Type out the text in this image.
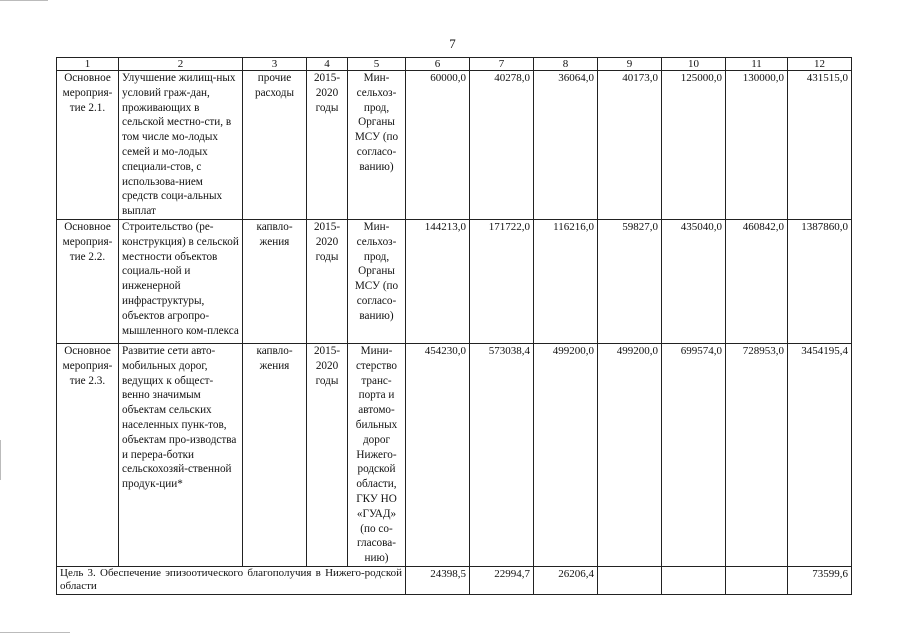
7
1	2	3	4	5	6	7	8	9	10	11	12
Основное мероприя-тие 2.1.	Улучшение жилищ-ных условий граж-дан, проживающих в сельской местно-сти, в том числе мо-лодых семей и мо-лодых специали-стов, с использова-нием средств соци-альных выплат	прочие расходы	2015-2020 годы	Мин-сельхоз-прод, Органы МСУ (по согласо-ванию)	60000,0	40278,0	36064,0	40173,0	125000,0	130000,0	431515,0
Основное мероприя-тие 2.2.	Строительство (ре-конструкция) в сельской местности объектов социаль-ной и инженерной инфраструктуры, объектов агропро-мышленного ком-плекса	капвло-жения	2015-2020 годы	Мин-сельхоз-прод, Органы МСУ (по согласо-ванию)	144213,0	171722,0	116216,0	59827,0	435040,0	460842,0	1387860,0
Основное мероприя-тие 2.3.	Развитие сети авто-мобильных дорог, ведущих к общест-венно значимым объектам сельских населенных пунк-тов, объектам про-изводства и перера-ботки сельскохозяй-ственной продук-ции*	капвло-жения	2015-2020 годы	Мини-стерство транс-порта и автомо-бильных дорог Нижего-родской области, ГКУ НО «ГУАД» (по со-гласова-нию)	454230,0	573038,4	499200,0	499200,0	699574,0	728953,0	3454195,4
Цель 3. Обеспечение эпизоотического благополучия в Нижего-родской области					24398,5	22994,7	26206,4				73599,6
